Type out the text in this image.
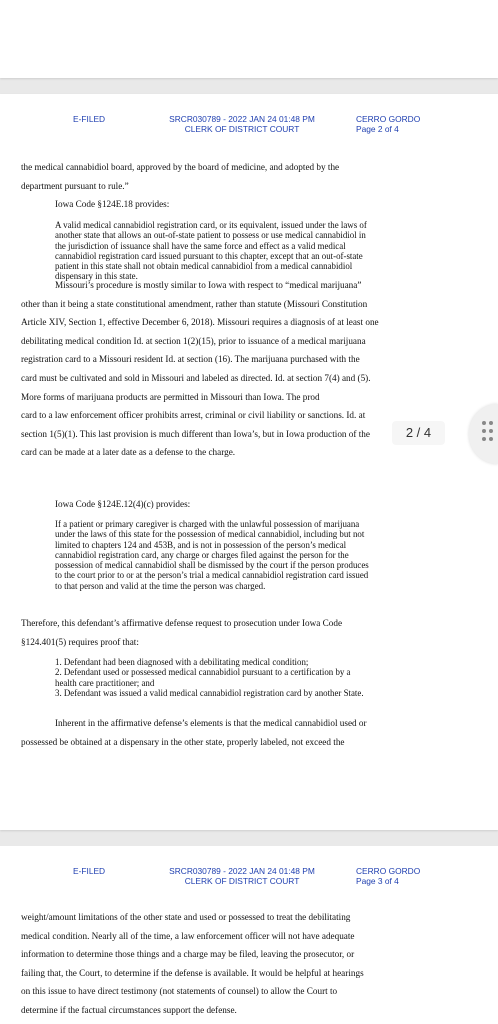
E-FILED	SRCR030789 - 2022 JAN 24 01:48 PM
CLERK OF DISTRICT COURT
CERRO GORDO
Page 2 of 4

the medical cannabidiol board, approved by the board of medicine, and adopted by the

department pursuant to rule.”

Iowa Code §124E.18 provides:

A valid medical cannabidiol registration card, or its equivalent, issued under the laws of

another state that allows an out-of-state patient to possess or use medical cannabidiol in

the jurisdiction of issuance shall have the same force and effect as a valid medical

cannabidiol registration card issued pursuant to this chapter, except that an out-of-state

patient in this state shall not obtain medical cannabidiol from a medical cannabidiol

dispensary in this state.

Missouri’s procedure is mostly similar to Iowa with respect to “medical marijuana”

other than it being a state constitutional amendment, rather than statute (Missouri Constitution

Article XIV, Section 1, effective December 6, 2018). Missouri requires a diagnosis of at least one

debilitating medical condition Id. at section 1(2)(15), prior to issuance of a medical marijuana

registration card to a Missouri resident Id. at section (16). The marijuana purchased with the

card must be cultivated and sold in Missouri and labeled as directed. Id. at section 7(4) and (5).

More forms of marijuana products are permitted in Missouri than Iowa. The prod

card to a law enforcement officer prohibits arrest, criminal or civil liability or sanctions. Id. at

section 1(5)(1). This last provision is much different than Iowa’s, but in Iowa production of the

card can be made at a later date as a defense to the charge.

Iowa Code §124E.12(4)(c) provides:

If a patient or primary caregiver is charged with the unlawful possession of marijuana

under the laws of this state for the possession of medical cannabidiol, including but not

limited to chapters 124 and 453B, and is not in possession of the person’s medical

cannabidiol registration card, any charge or charges filed against the person for the

possession of medical cannabidiol shall be dismissed by the court if the person produces

to the court prior to or at the person’s trial a medical cannabidiol registration card issued

to that person and valid at the time the person was charged.

Therefore, this defendant’s affirmative defense request to prosecution under Iowa Code

§124.401(5) requires proof that:

1. Defendant had been diagnosed with a debilitating medical condition;

2. Defendant used or possessed medical cannabidiol pursuant to a certification by a

health care practitioner; and

3. Defendant was issued a valid medical cannabidiol registration card by another State.

Inherent in the affirmative defense’s elements is that the medical cannabidiol used or

possessed be obtained at a dispensary in the other state, properly labeled, not exceed the

E-FILED	SRCR030789 - 2022 JAN 24 01:48 PM
CLERK OF DISTRICT COURT
CERRO GORDO
Page 3 of 4

weight/amount limitations of the other state and used or possessed to treat the debilitating

medical condition. Nearly all of the time, a law enforcement officer will not have adequate

information to determine those things and a charge may be filed, leaving the prosecutor, or

failing that, the Court, to determine if the defense is available. It would be helpful at hearings

on this issue to have direct testimony (not statements of counsel) to allow the Court to

determine if the factual circumstances support the defense.

2 / 4
